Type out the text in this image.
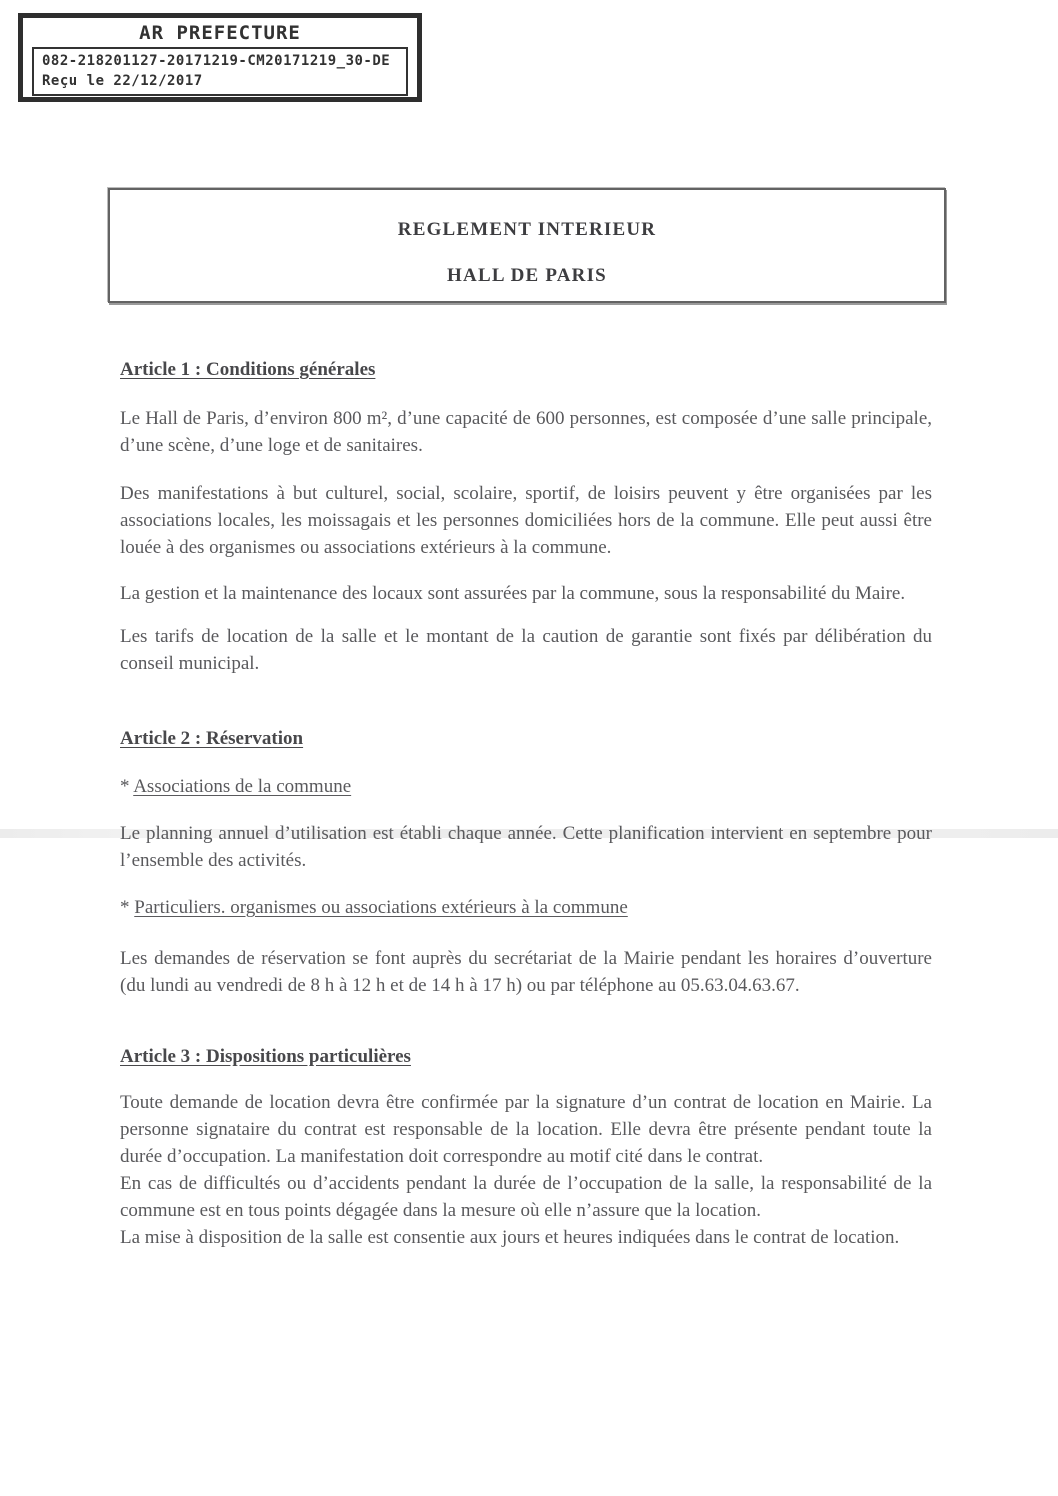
AR PREFECTURE
082-218201127-20171219-CM20171219_30-DE
Reçu le 22/12/2017
REGLEMENT INTERIEUR
HALL DE PARIS
Article 1 : Conditions générales

Le Hall de Paris, d’environ 800 m², d’une capacité de 600 personnes, est composée d’une salle principale, d’une scène, d’une loge et de sanitaires.

Des manifestations à but culturel, social, scolaire, sportif, de loisirs peuvent y être organisées par les associations locales, les moissagais et les personnes domiciliées hors de la commune. Elle peut aussi être louée à des organismes ou associations extérieurs à la commune.

La gestion et la maintenance des locaux sont assurées par la commune, sous la responsabilité du Maire.

Les tarifs de location de la salle et le montant de la caution de garantie sont fixés par délibération du conseil municipal.

Article 2 : Réservation
* Associations de la commune

Le planning annuel d’utilisation est établi chaque année. Cette planification intervient en septembre pour l’ensemble des activités.

* Particuliers. organismes ou associations extérieurs à la commune

Les demandes de réservation se font auprès du secrétariat de la Mairie pendant les horaires d’ouverture (du lundi au vendredi de 8 h à 12 h et de 14 h à 17 h) ou par téléphone au 05.63.04.63.67.

Article 3 : Dispositions particulières

Toute demande de location devra être confirmée par la signature d’un contrat de location en Mairie. La personne signataire du contrat est responsable de la location. Elle devra être présente pendant toute la durée d’occupation. La manifestation doit correspondre au motif cité dans le contrat.

En cas de difficultés ou d’accidents pendant la durée de l’occupation de la salle, la responsabilité de la commune est en tous points dégagée dans la mesure où elle n’assure que la location.

La mise à disposition de la salle est consentie aux jours et heures indiquées dans le contrat de location.
